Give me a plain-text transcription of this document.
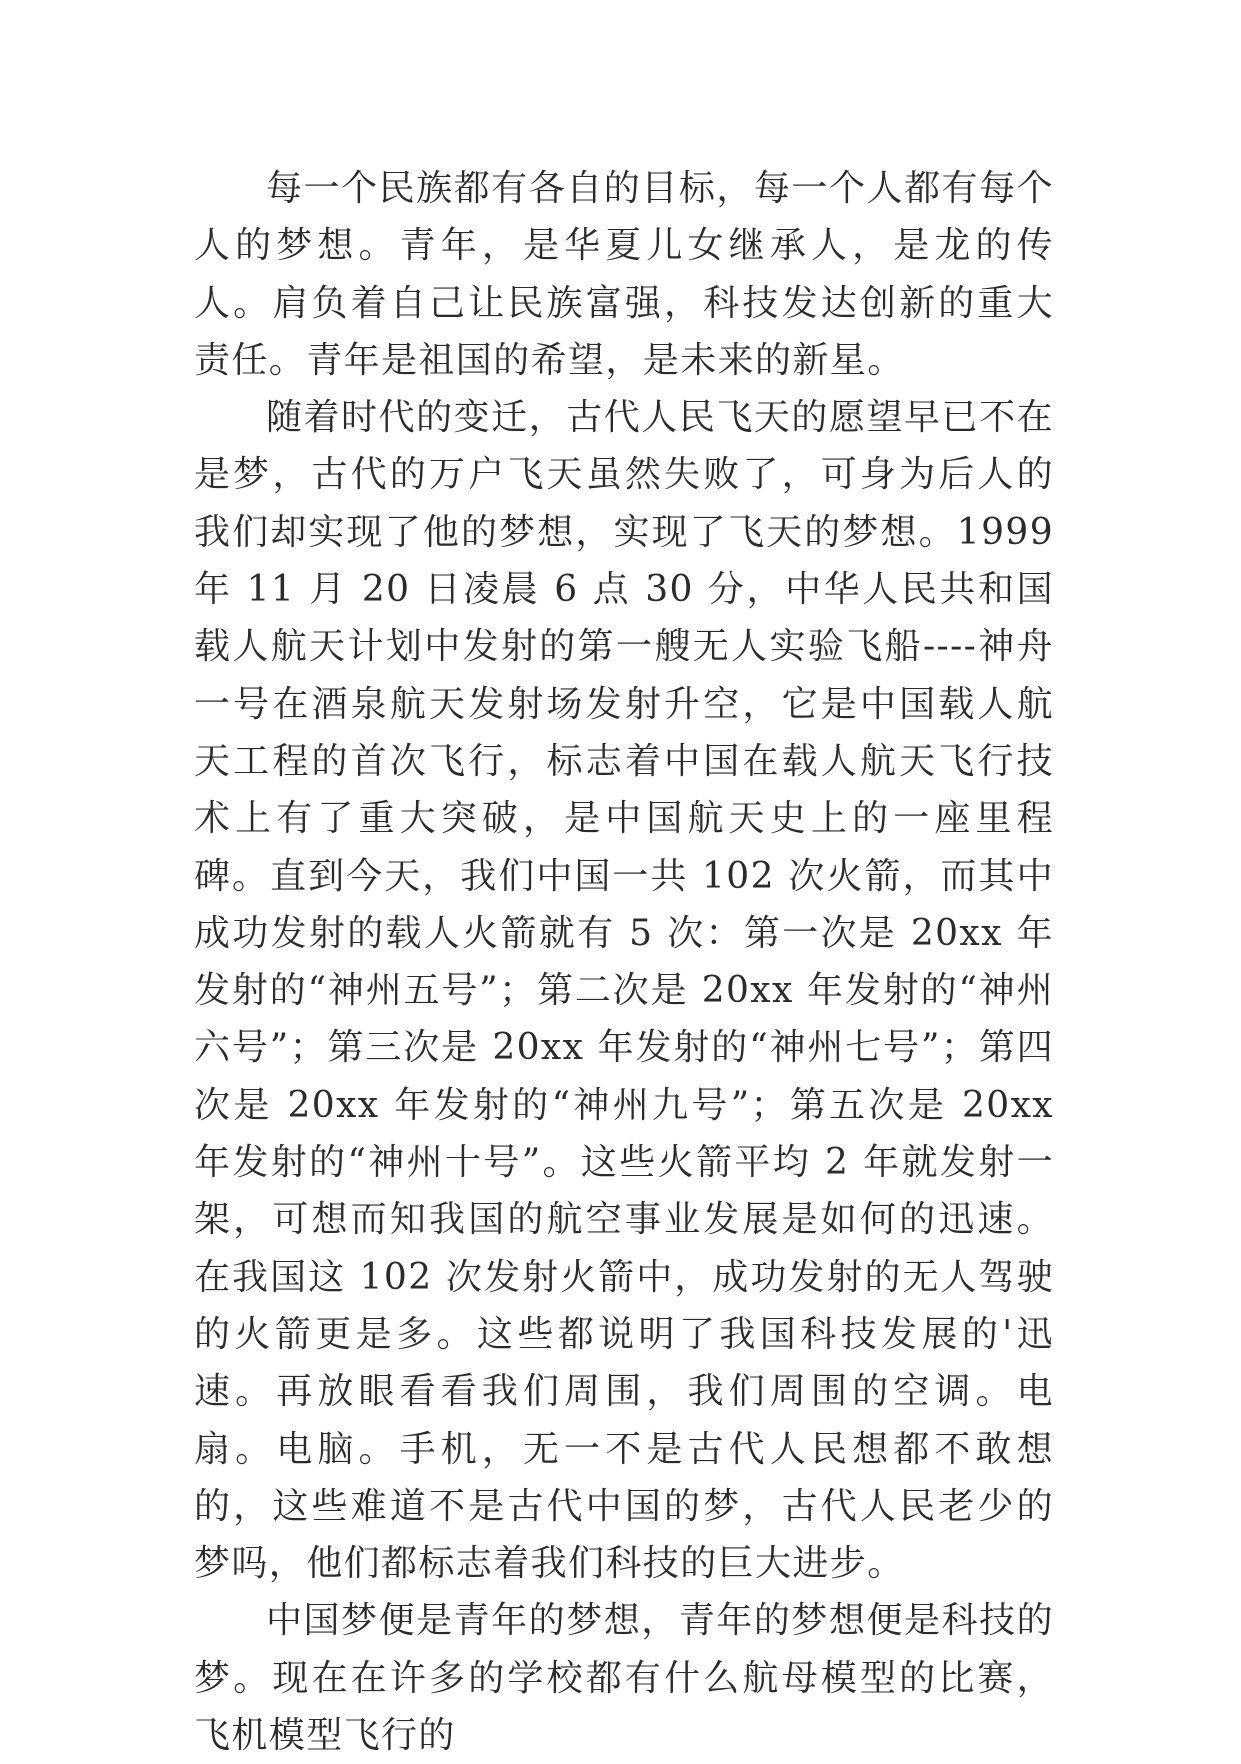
每一个民族都有各自的目标，每一个人都有每个人的梦想。青年，是华夏儿女继承人，是龙的传人。肩负着自己让民族富强，科技发达创新的重大责任。青年是祖国的希望，是未来的新星。

随着时代的变迁，古代人民飞天的愿望早已不在是梦，古代的万户飞天虽然失败了，可身为后人的我们却实现了他的梦想，实现了飞天的梦想。1999 年 11 月 20 日凌晨 6 点 30 分，中华人民共和国载人航天计划中发射的第一艘无人实验飞船----神舟一号在酒泉航天发射场发射升空，它是中国载人航天工程的首次飞行，标志着中国在载人航天飞行技术上有了重大突破，是中国航天史上的一座里程碑。直到今天，我们中国一共 102 次火箭，而其中成功发射的载人火箭就有 5 次：第一次是 20xx 年发射的“神州五号”；第二次是 20xx 年发射的“神州六号”；第三次是 20xx 年发射的“神州七号”；第四次是 20xx 年发射的“神州九号”；第五次是 20xx 年发射的“神州十号”。这些火箭平均 2 年就发射一架，可想而知我国的航空事业发展是如何的迅速。在我国这 102 次发射火箭中，成功发射的无人驾驶的火箭更是多。这些都说明了我国科技发展的'迅速。再放眼看看我们周围，我们周围的空调。电扇。电脑。手机，无一不是古代人民想都不敢想的，这些难道不是古代中国的梦，古代人民老少的梦吗，他们都标志着我们科技的巨大进步。

中国梦便是青年的梦想，青年的梦想便是科技的梦。现在在许多的学校都有什么航母模型的比赛，飞机模型飞行的
